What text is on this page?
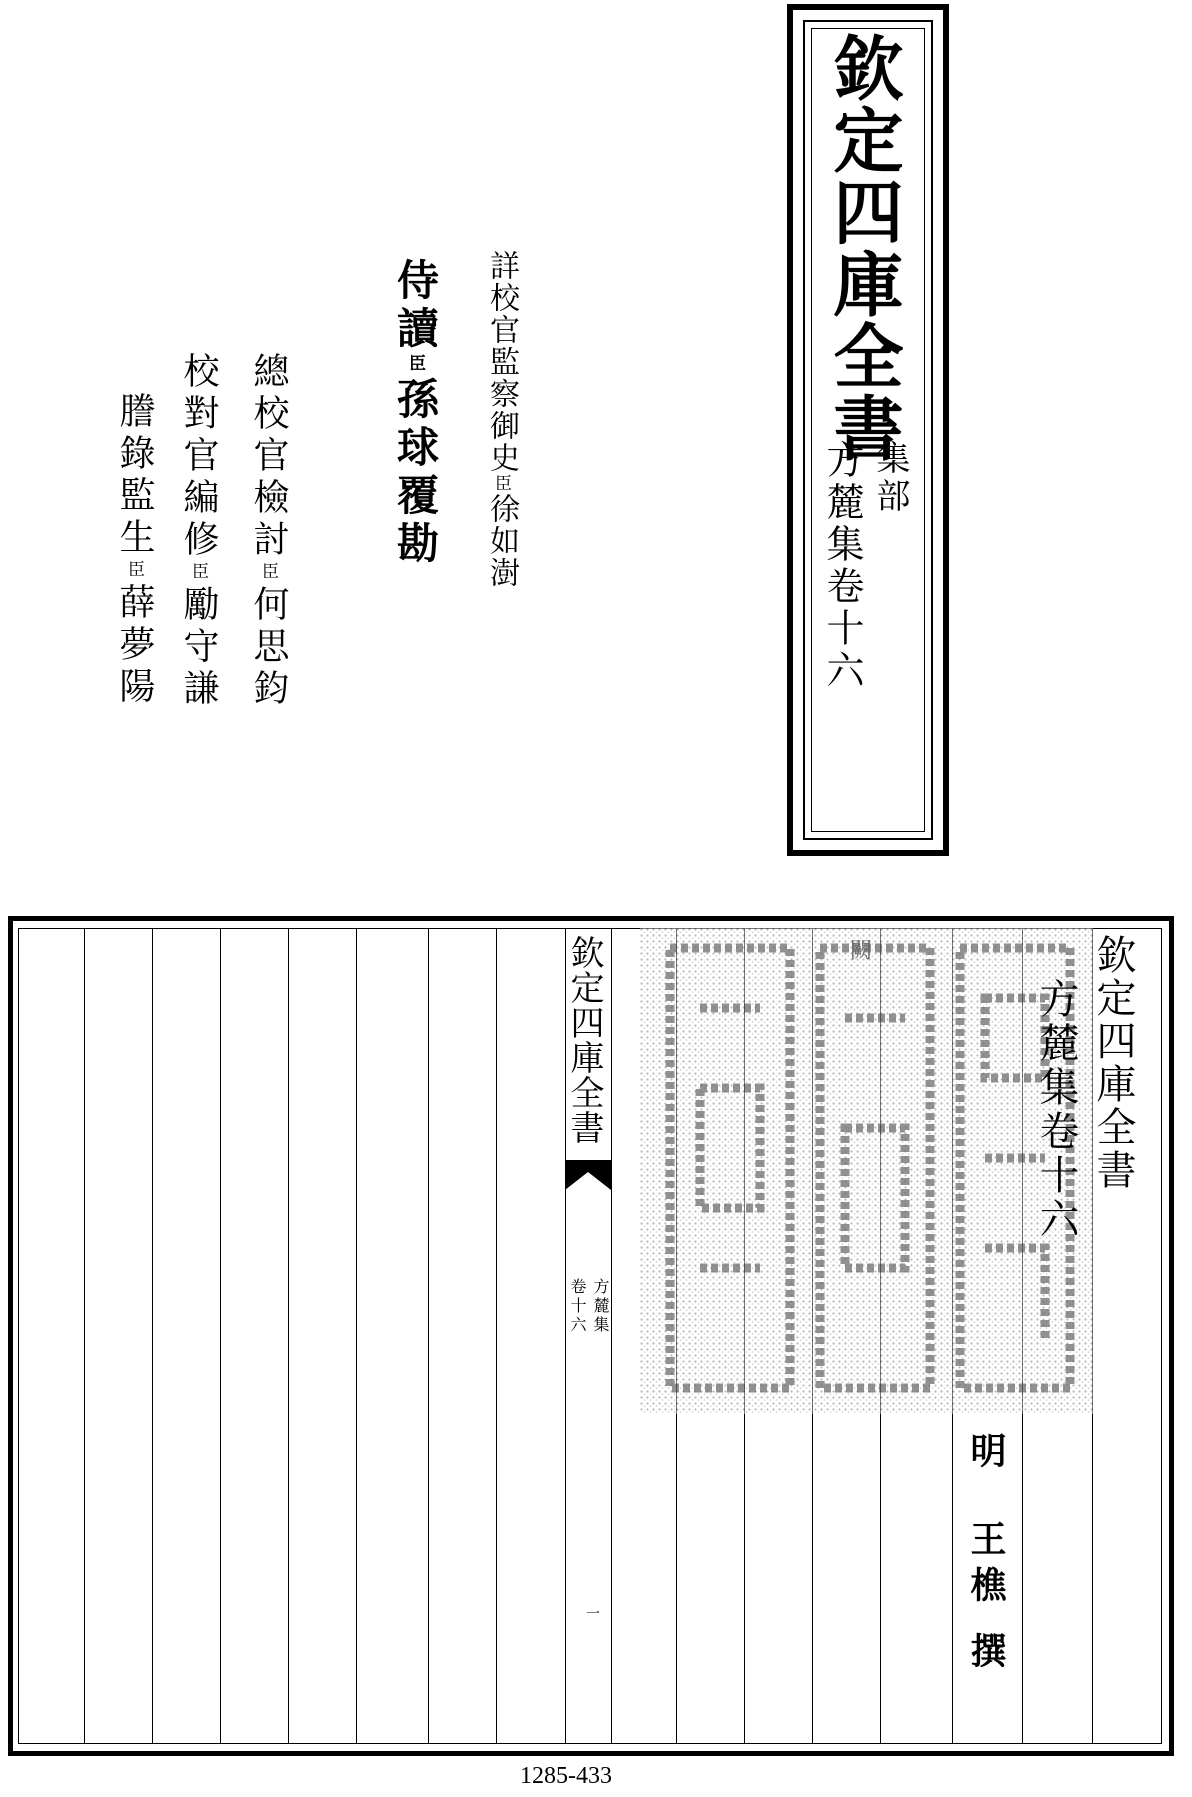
欽定四庫全書
集部
方麓集卷十六
詳校官監察御史臣徐如澍
侍讀臣孫球覆勘
總校官檢討臣何思鈞
校對官編修臣勵守謙
謄錄監生臣薛夢陽
闕
欽定四庫全書
方麓集
卷十六
一
欽定四庫全書
方麓集卷十六
明
王樵
撰
1285-433
